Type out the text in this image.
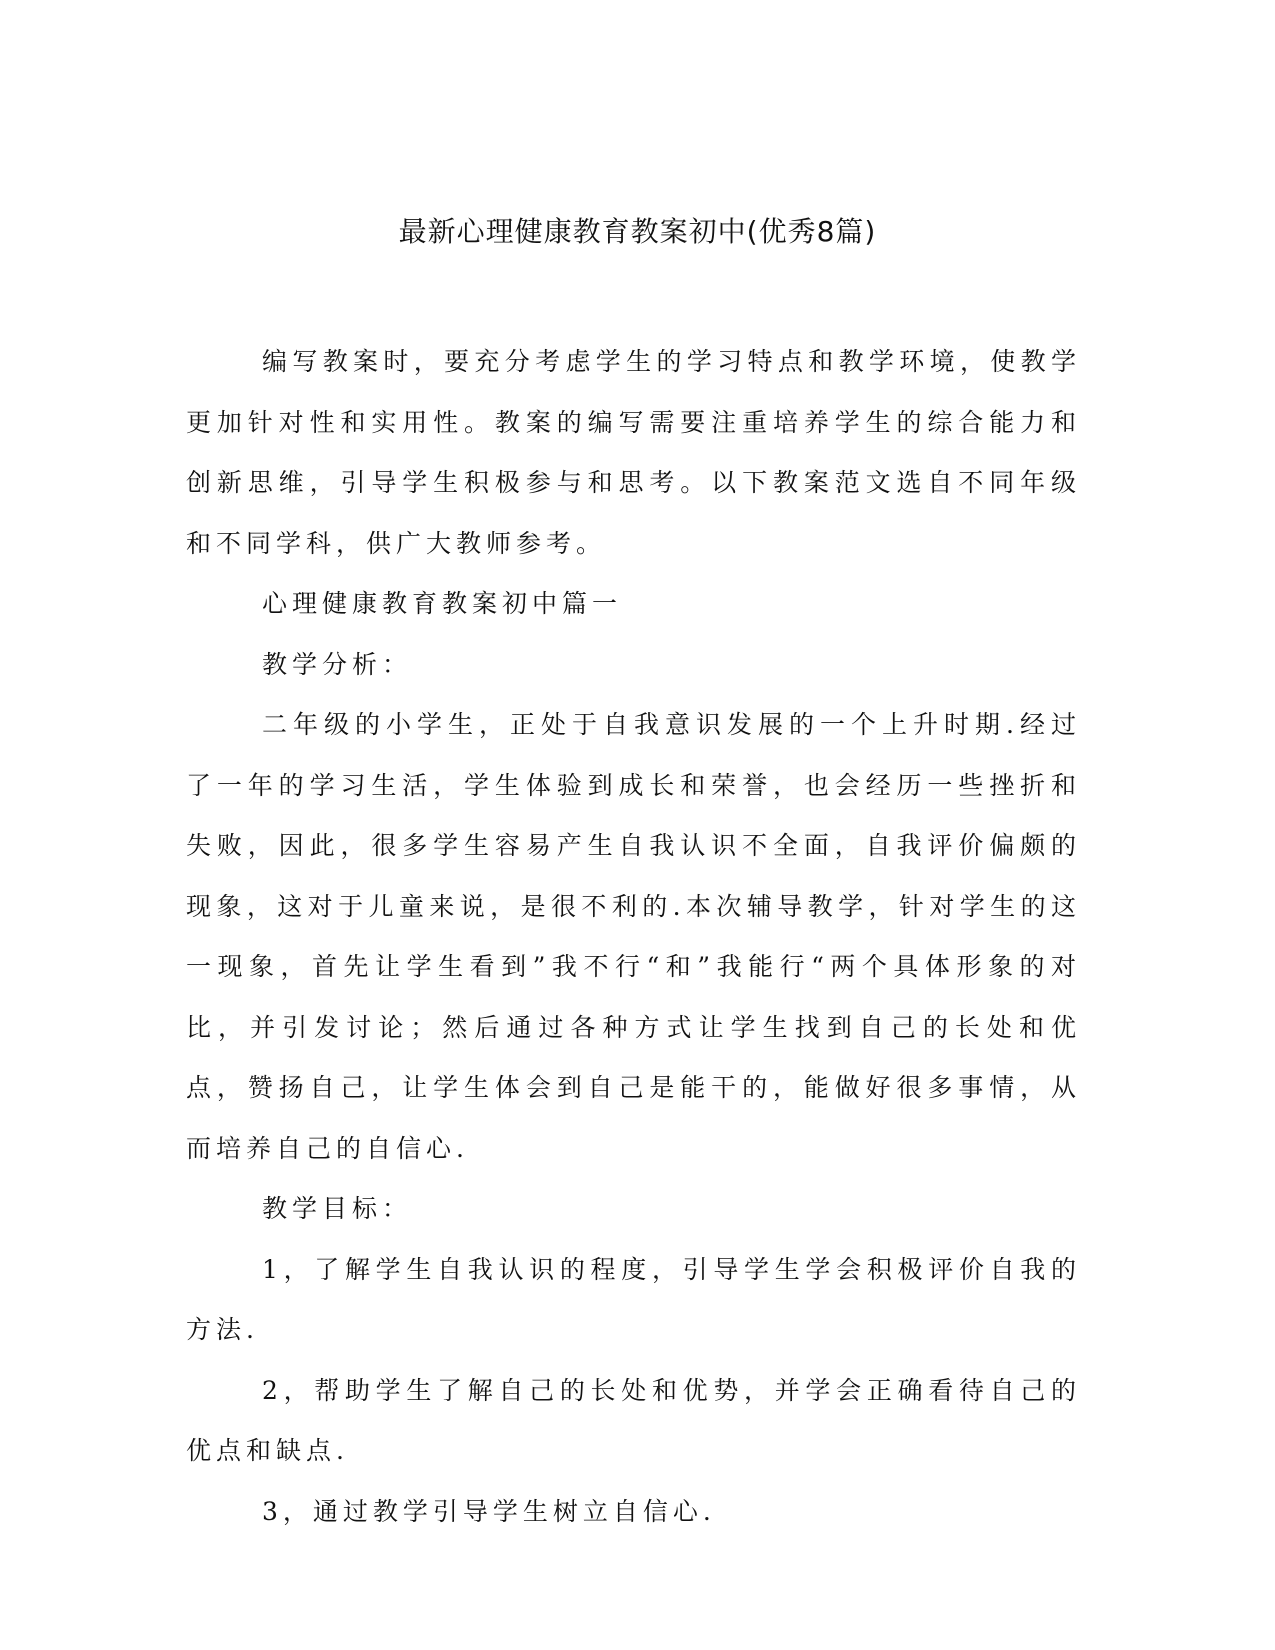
最新心理健康教育教案初中(优秀8篇)

编写教案时，要充分考虑学生的学习特点和教学环境，使教学更加针对性和实用性。教案的编写需要注重培养学生的综合能力和创新思维，引导学生积极参与和思考。以下教案范文选自不同年级和不同学科，供广大教师参考。

心理健康教育教案初中篇一

教学分析：

二年级的小学生，正处于自我意识发展的一个上升时期.经过了一年的学习生活，学生体验到成长和荣誉，也会经历一些挫折和失败，因此，很多学生容易产生自我认识不全面，自我评价偏颇的现象，这对于儿童来说，是很不利的.本次辅导教学，针对学生的这一现象，首先让学生看到”我不行“和”我能行“两个具体形象的对比，并引发讨论；然后通过各种方式让学生找到自己的长处和优点，赞扬自己，让学生体会到自己是能干的，能做好很多事情，从而培养自己的自信心.

教学目标：

1，了解学生自我认识的程度，引导学生学会积极评价自我的方法.

2，帮助学生了解自己的长处和优势，并学会正确看待自己的优点和缺点.

3，通过教学引导学生树立自信心.
